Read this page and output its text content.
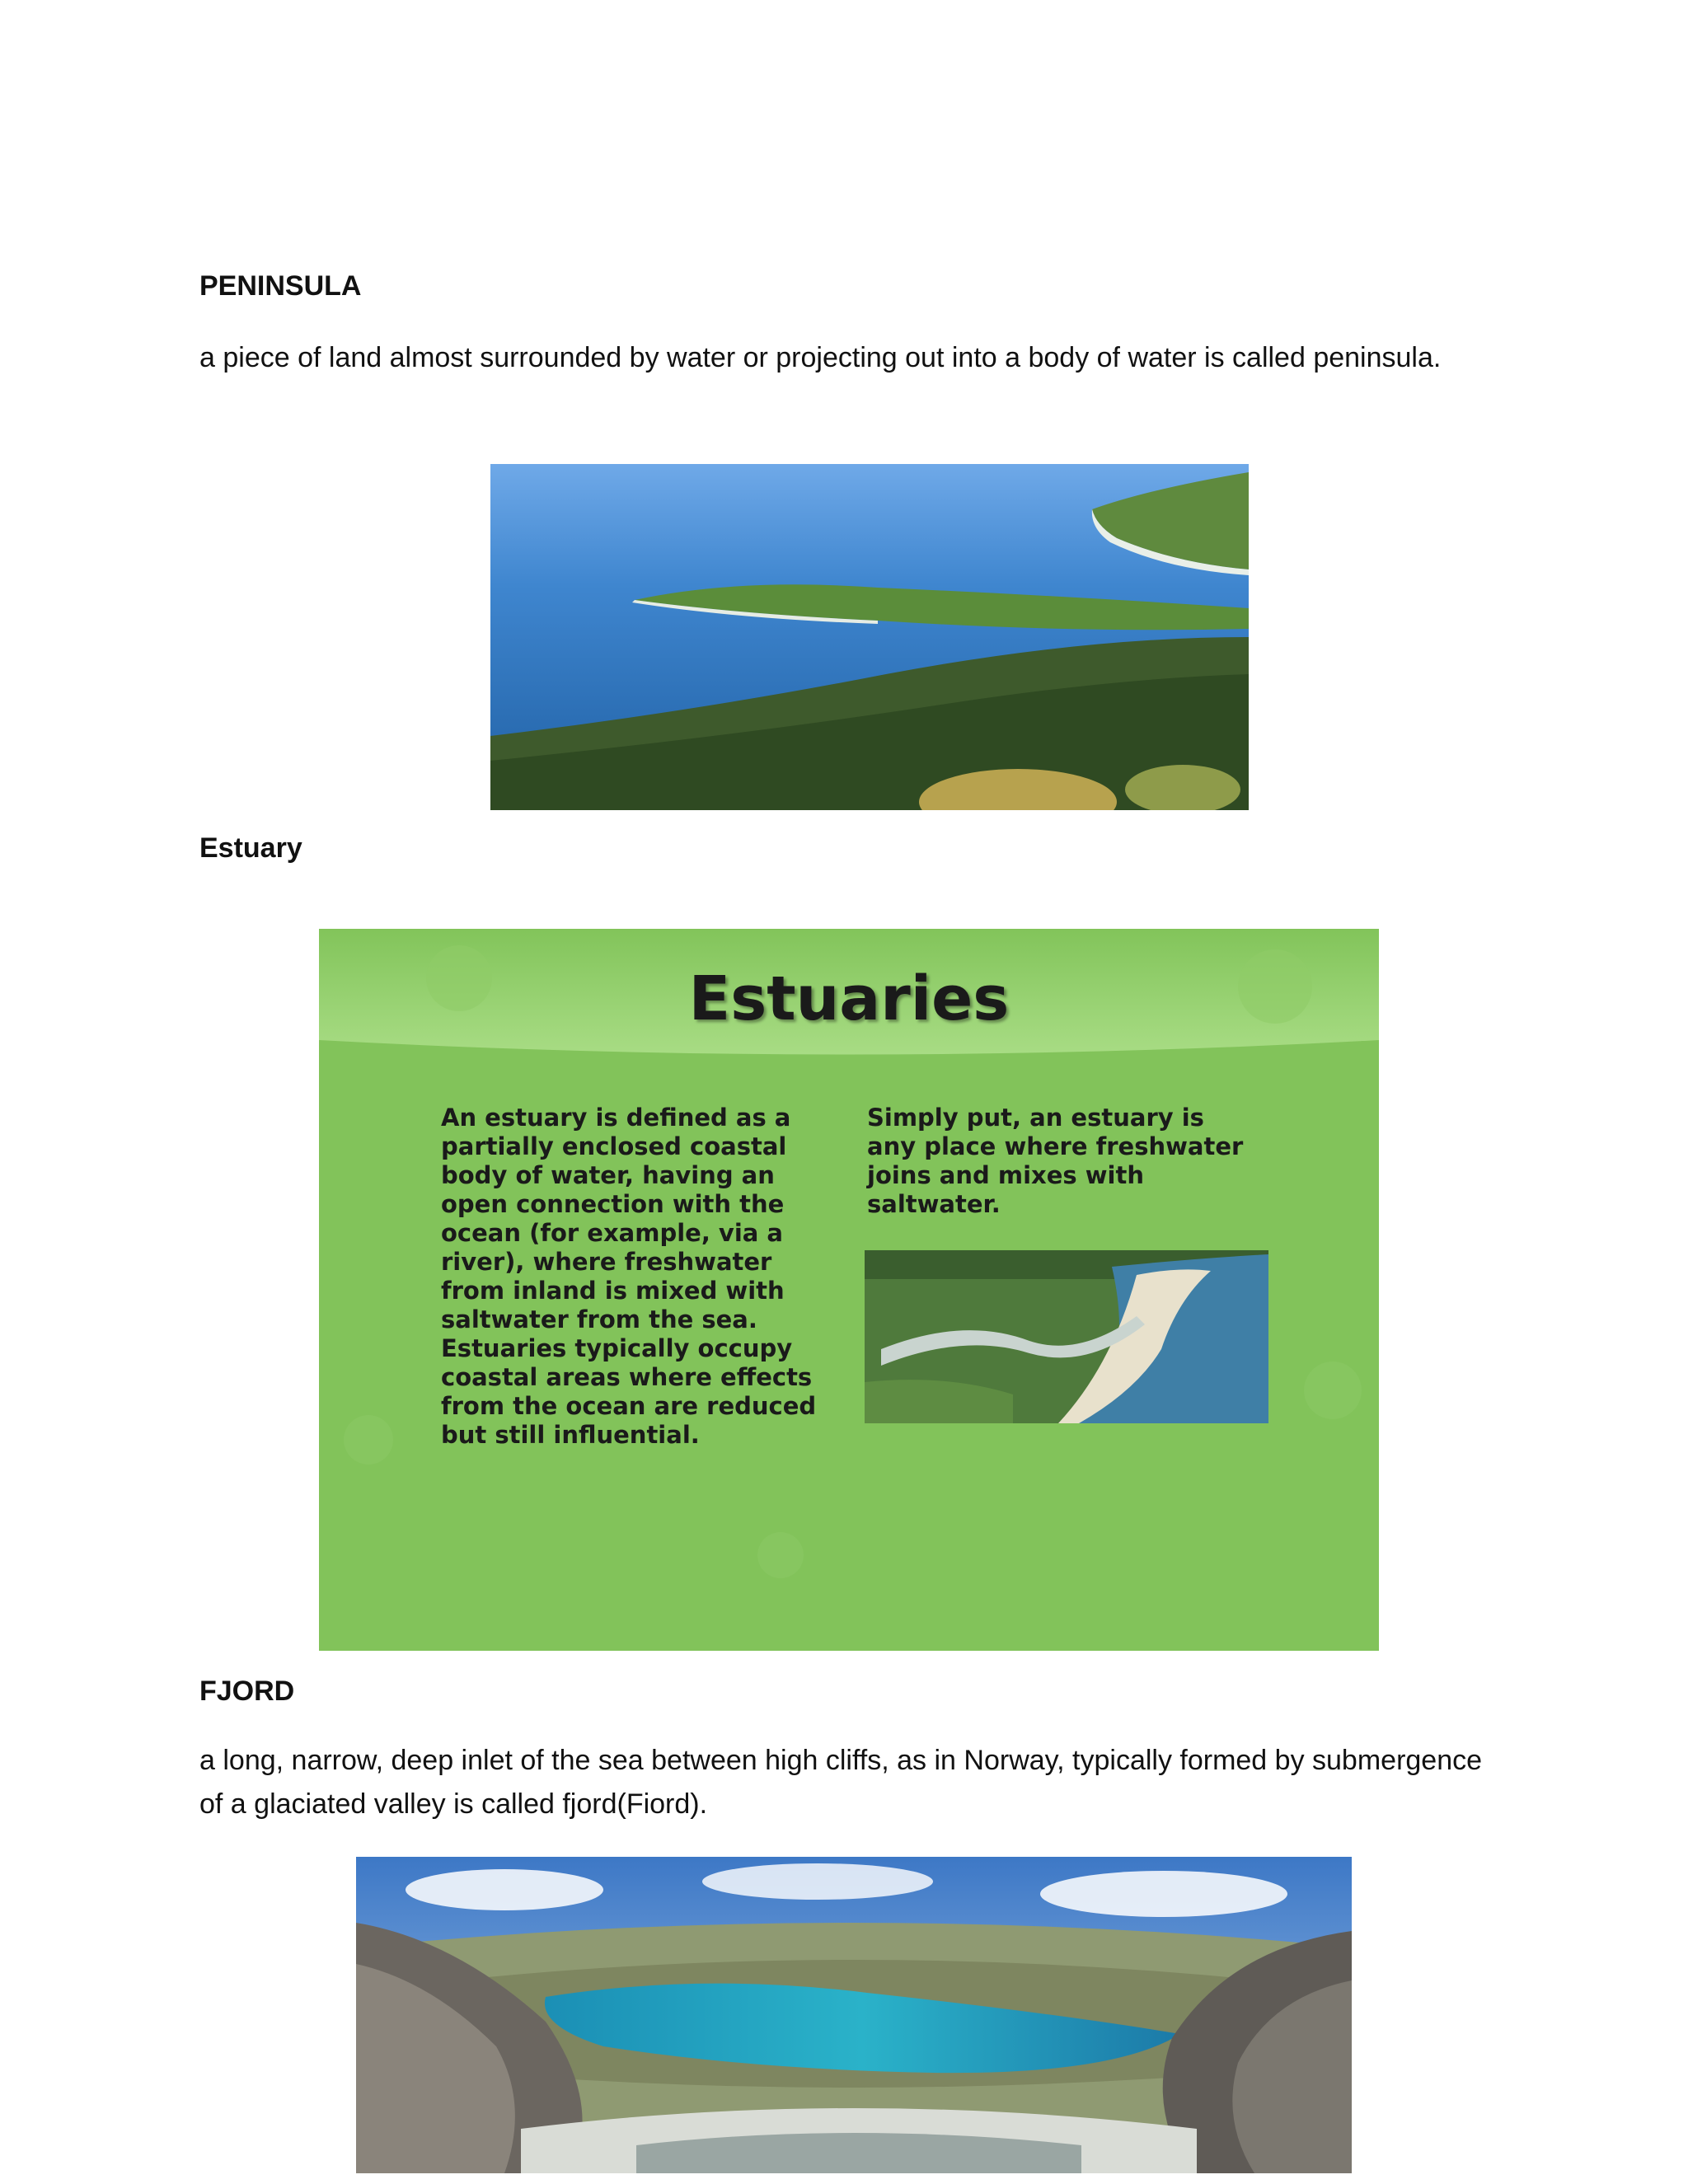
PENINSULA
a piece of land almost surrounded by water or projecting out into a body of water is called peninsula.
Estuary
Estuaries
An estuary is defined as a partially enclosed coastal body of water, having an open connection with the ocean (for example, via a river), where freshwater from inland is mixed with saltwater from the sea. Estuaries typically occupy coastal areas where effects from the ocean are reduced but still influential.
Simply put, an estuary is any place where freshwater joins and mixes with saltwater.
FJORD
a long, narrow, deep inlet of the sea between high cliffs, as in Norway, typically formed by submergence of a glaciated valley is called fjord(Fiord).
